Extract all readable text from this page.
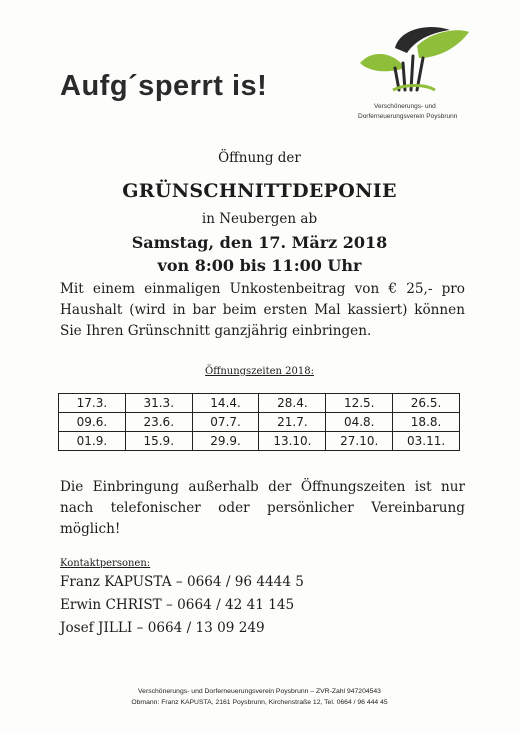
Aufg´sperrt is!
Verschönerungs- und
Dorferneuerungsverein Poysbrunn
Öffnung der
GRÜNSCHNITTDEPONIE
in Neubergen ab
Samstag, den 17. März 2018
von 8:00 bis 11:00 Uhr
Mit einem einmaligen Unkostenbeitrag von € 25,- pro Haushalt (wird in bar beim ersten Mal kassiert) können Sie Ihren Grünschnitt ganzjährig einbringen.
Öffnungszeiten 2018:
17.3.	31.3.	14.4.	28.4.	12.5.	26.5.
09.6.	23.6.	07.7.	21.7.	04.8.	18.8.
01.9.	15.9.	29.9.	13.10.	27.10.	03.11.
Die Einbringung außerhalb der Öffnungszeiten ist nur nach telefonischer oder persönlicher Vereinbarung möglich!
Kontaktpersonen:
Franz KAPUSTA – 0664 / 96 4444 5
Erwin CHRIST – 0664 / 42 41 145
Josef JILLI – 0664 / 13 09 249
Verschönerungs- und Dorferneuerungsverein Poysbrunn – ZVR-Zahl 947204543
Obmann: Franz KAPUSTA, 2161 Poysbrunn, Kirchenstraße 12, Tel. 0664 / 96 444 45
